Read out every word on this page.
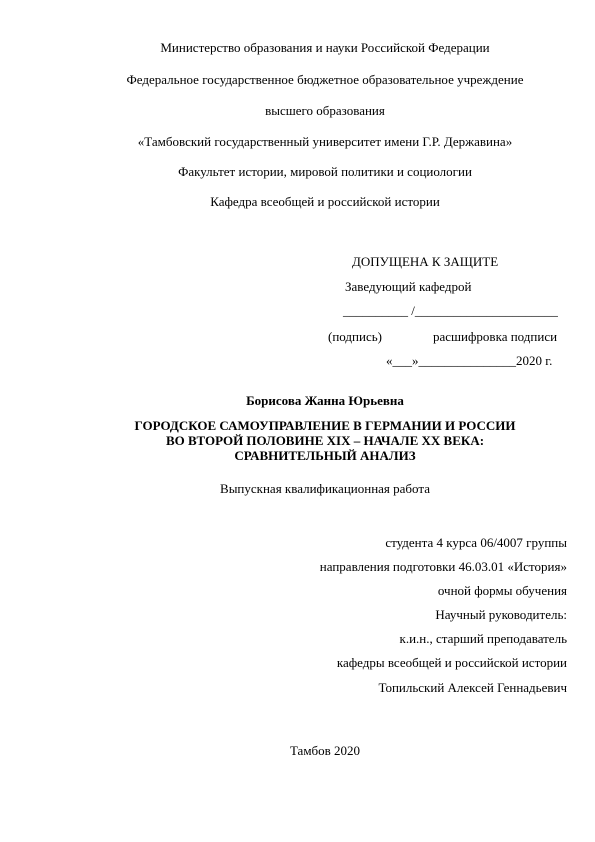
Министерство образования и науки Российской Федерации
Федеральное государственное бюджетное образовательное учреждение
высшего образования
«Тамбовский государственный университет имени Г.Р. Державина»
Факультет истории, мировой политики и социологии
Кафедра всеобщей и российской истории
ДОПУЩЕНА К ЗАЩИТЕ
Заведующий кафедрой
__________ /______________________
(подпись)	расшифровка подписи
«___»_______________2020 г.
Борисова Жанна Юрьевна
ГОРОДСКОЕ САМОУПРАВЛЕНИЕ В ГЕРМАНИИ И РОССИИ
ВО ВТОРОЙ ПОЛОВИНЕ XIX – НАЧАЛЕ XX ВЕКА:
СРАВНИТЕЛЬНЫЙ АНАЛИЗ
Выпускная квалификационная работа
студента 4 курса 06/4007 группы
направления подготовки 46.03.01 «История»
очной формы обучения
Научный руководитель:
к.и.н., старший преподаватель
кафедры всеобщей и российской истории
Топильский Алексей Геннадьевич
Тамбов 2020
